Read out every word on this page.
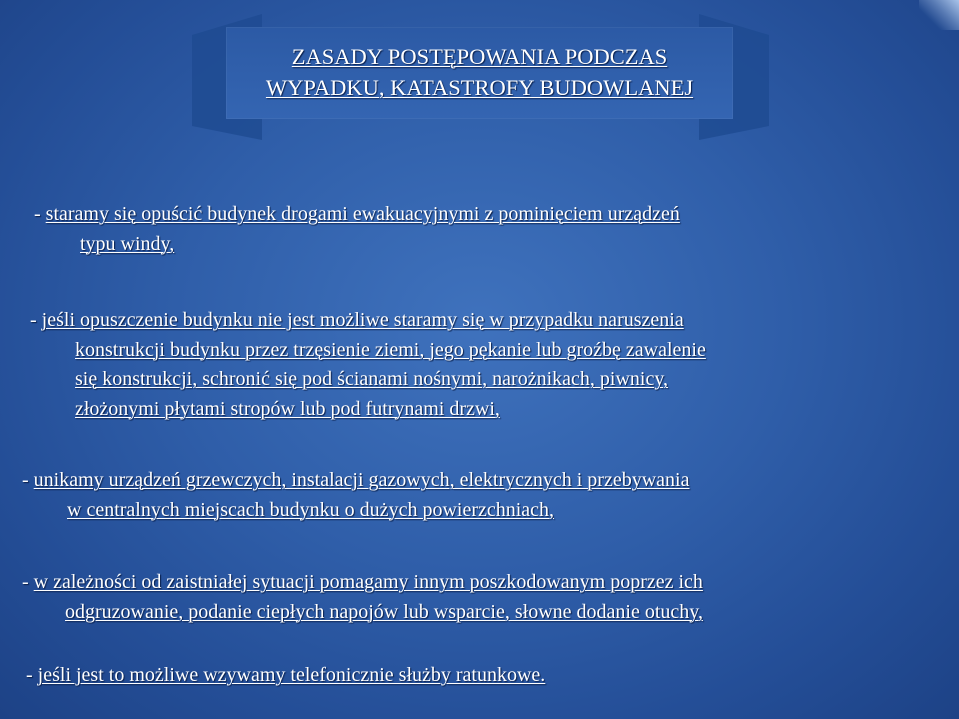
ZASADY POSTĘPOWANIA PODCZAS
WYPADKU, KATASTROFY BUDOWLANEJ
- staramy się opuścić budynek drogami ewakuacyjnymi z pominięciem urządzeń
typu windy,
- jeśli opuszczenie budynku nie jest możliwe staramy się w przypadku naruszenia
konstrukcji budynku przez trzęsienie ziemi, jego pękanie lub groźbę zawalenie
się konstrukcji, schronić się pod ścianami nośnymi, narożnikach, piwnicy,
złożonymi płytami stropów lub pod futrynami drzwi,
- unikamy urządzeń grzewczych, instalacji gazowych, elektrycznych i przebywania
w centralnych miejscach budynku o dużych powierzchniach,
- w zależności od zaistniałej sytuacji pomagamy innym poszkodowanym poprzez ich
odgruzowanie, podanie ciepłych napojów lub wsparcie, słowne dodanie otuchy,
- jeśli jest to możliwe wzywamy telefonicznie służby ratunkowe.
